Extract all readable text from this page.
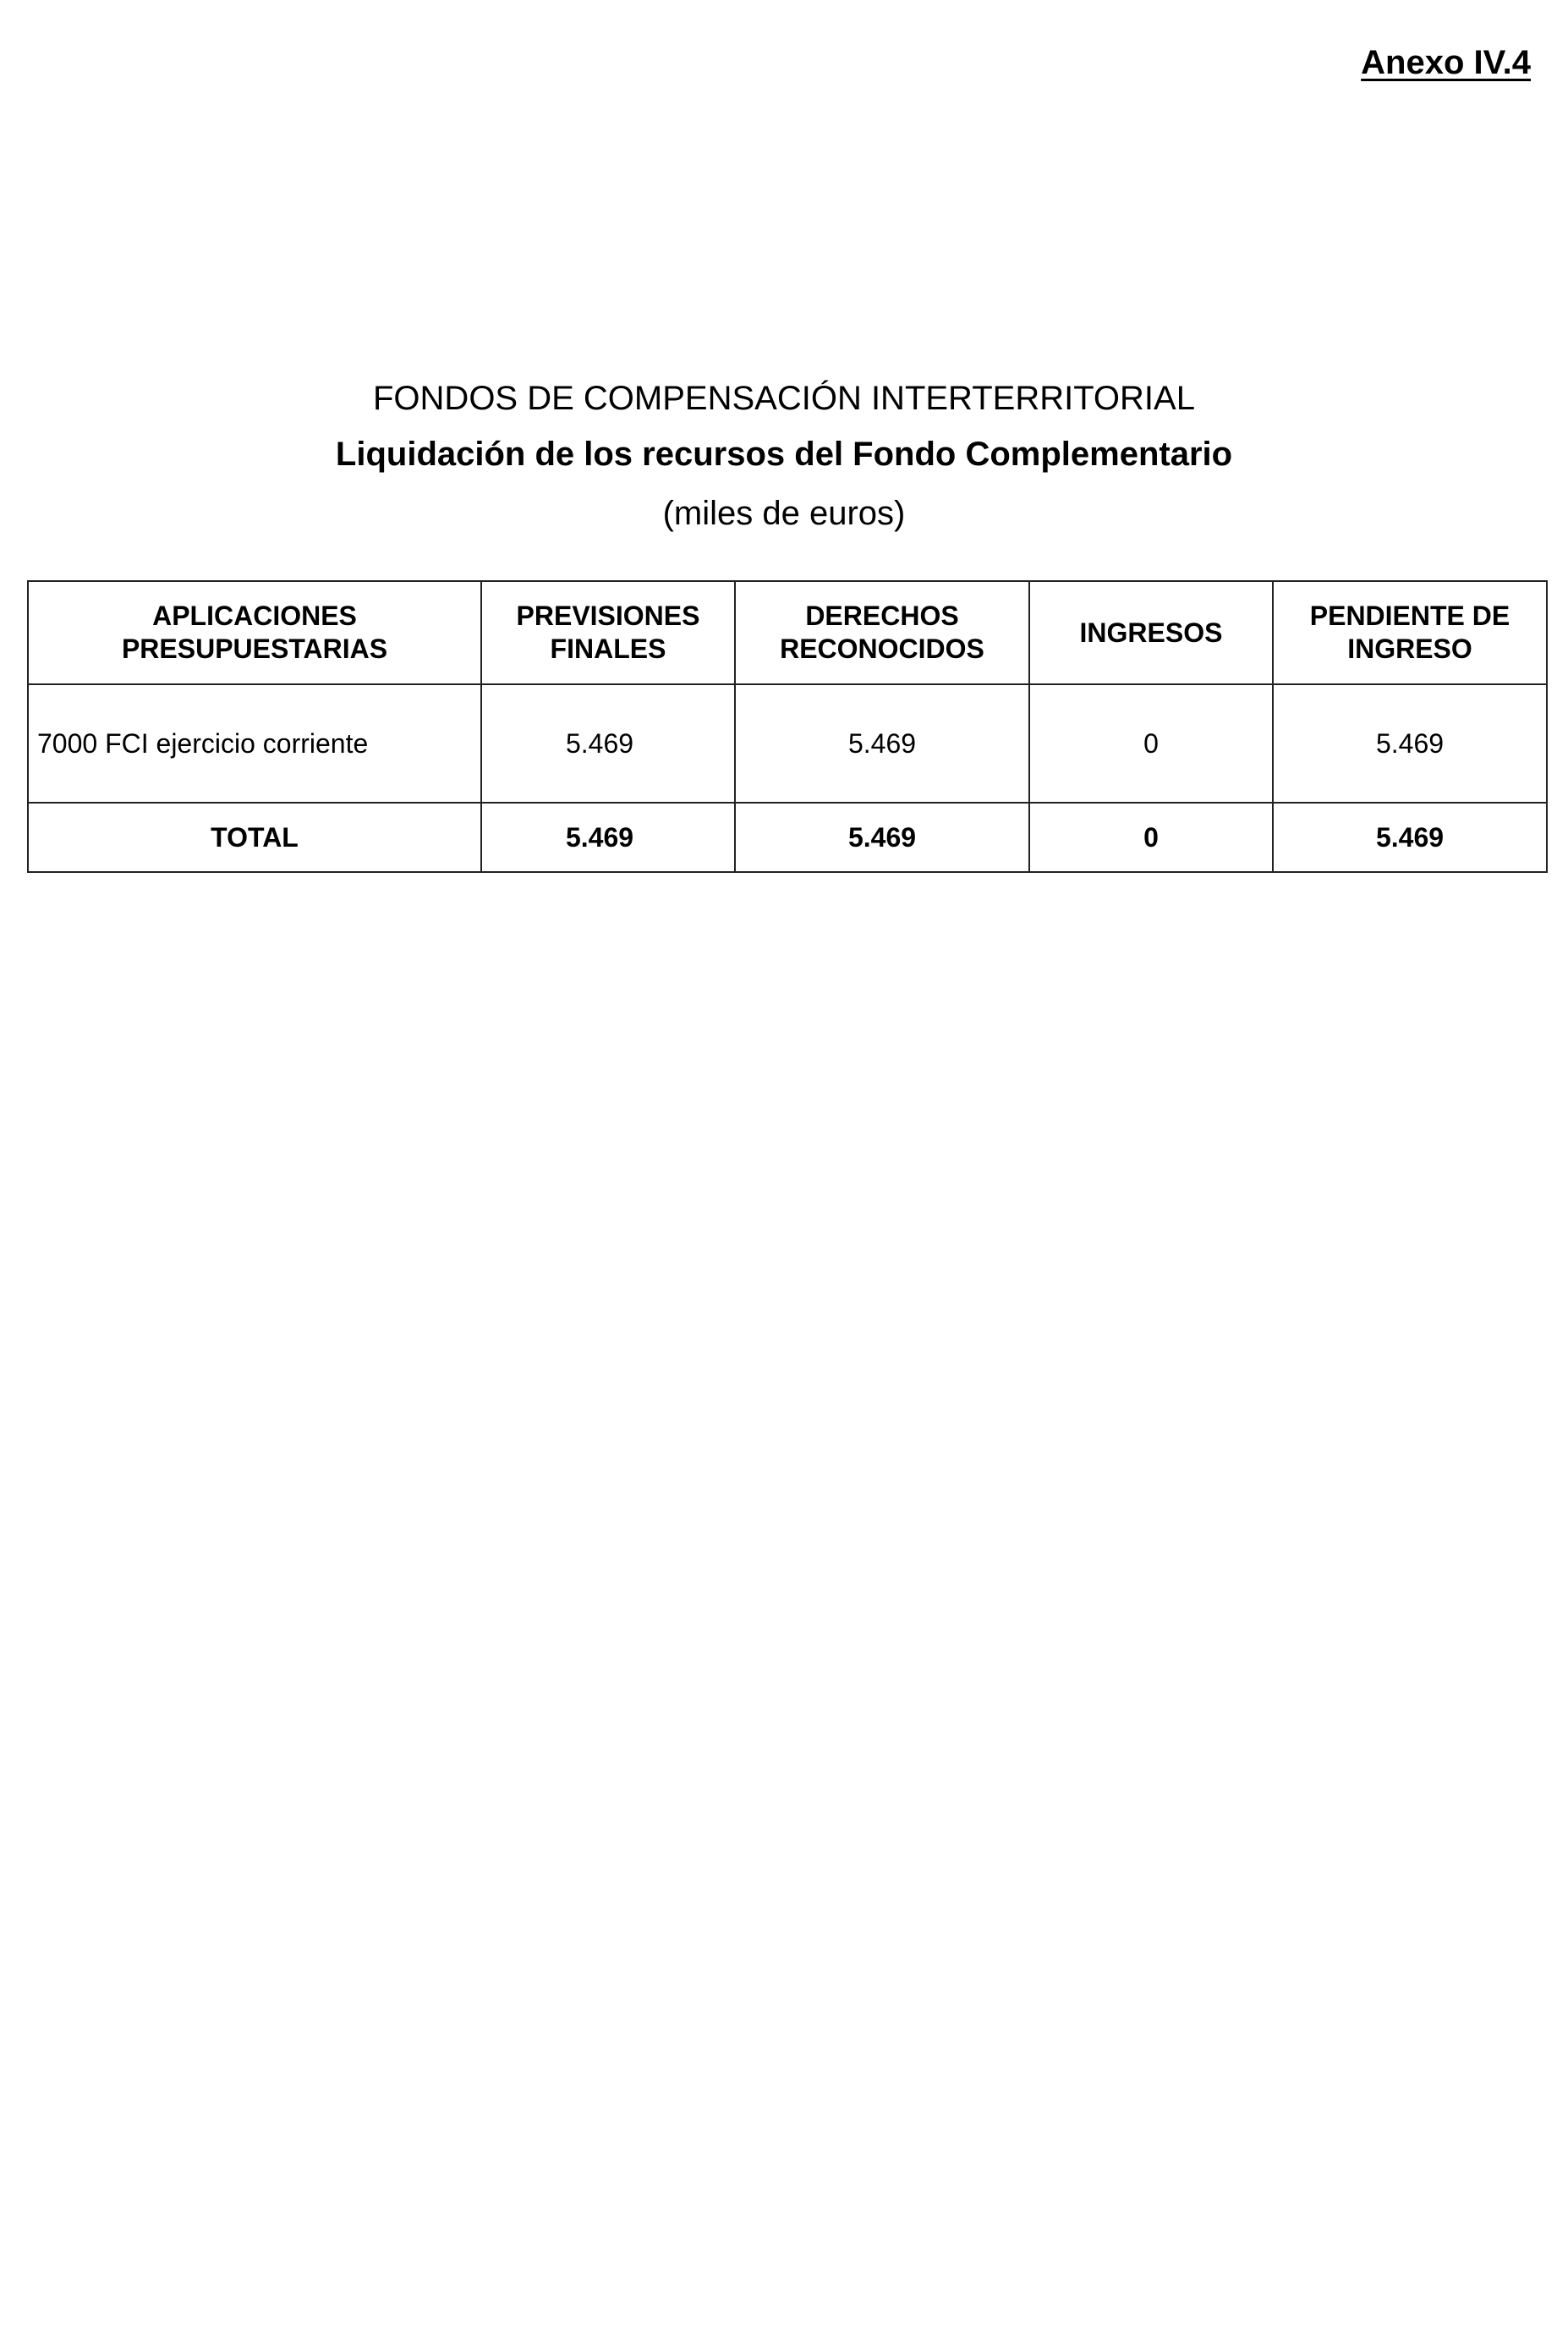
Anexo IV.4
FONDOS DE COMPENSACIÓN INTERTERRITORIAL
Liquidación de los recursos del Fondo Complementario
(miles de euros)
APLICACIONES PRESUPUESTARIAS	PREVISIONES FINALES	DERECHOS RECONOCIDOS	INGRESOS	PENDIENTE DE INGRESO
7000 FCI ejercicio corriente	5.469	5.469	0	5.469
TOTAL	5.469	5.469	0	5.469
